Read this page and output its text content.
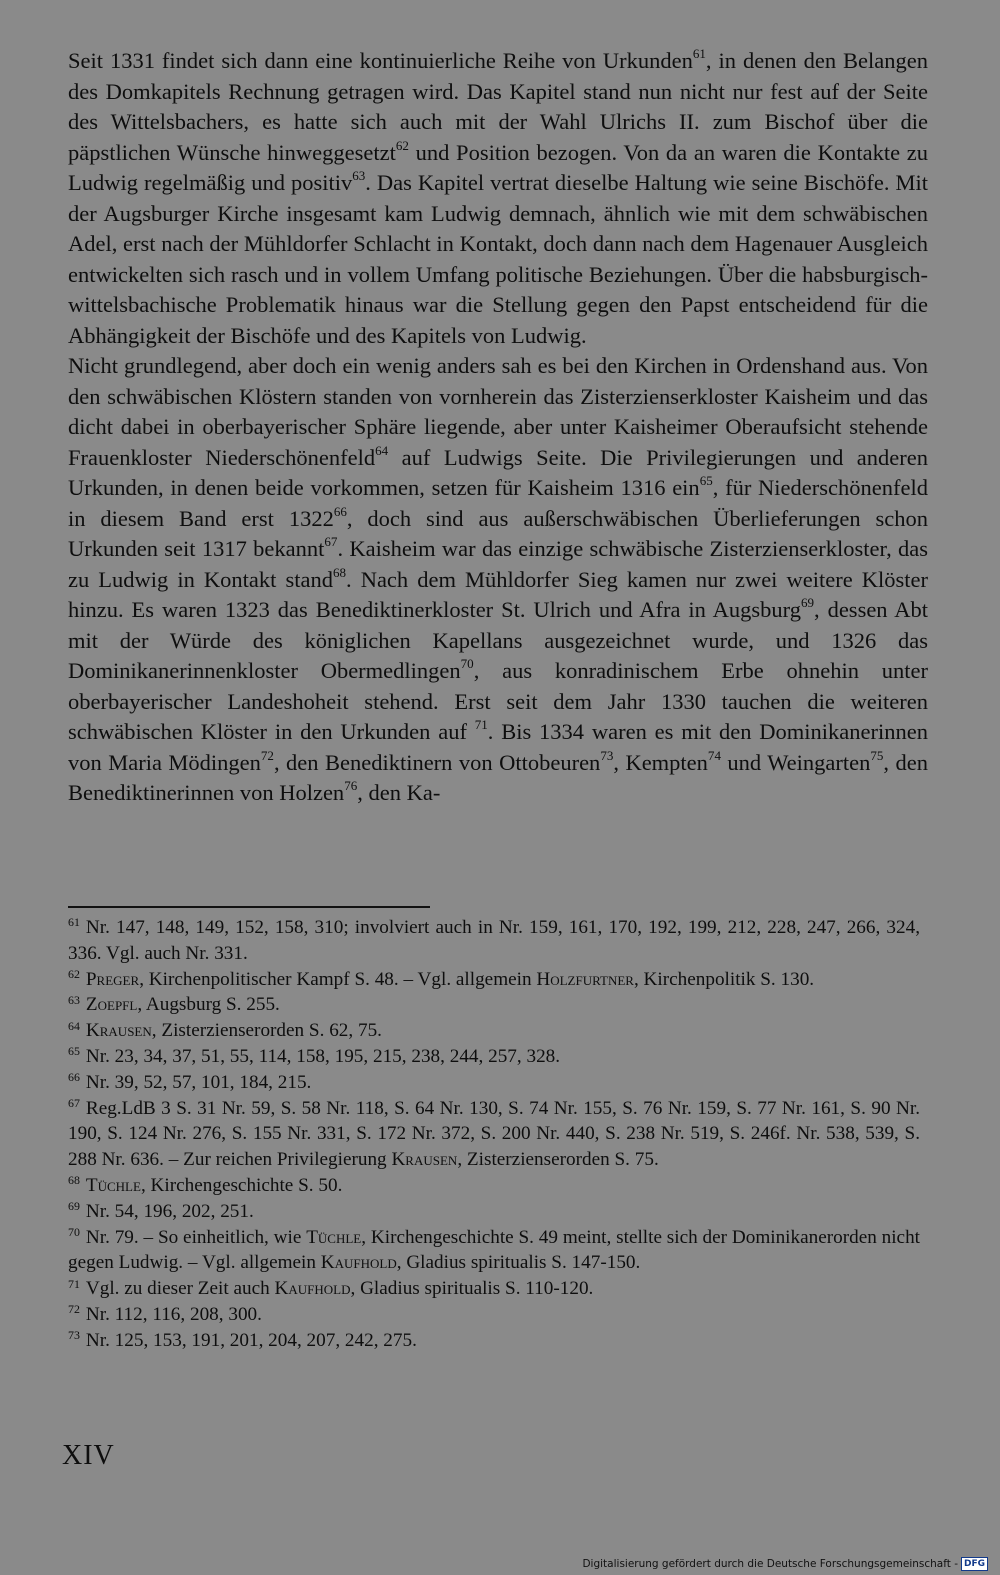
Seit 1331 findet sich dann eine kontinuierliche Reihe von Urkunden$^{61}$, in denen den Belangen des Domkapitels Rechnung getragen wird. Das Kapitel stand nun nicht nur fest auf der Seite des Wittelsbachers, es hatte sich auch mit der Wahl Ulrichs II. zum Bischof über die päpstlichen Wünsche hinweggesetzt$^{62}$ und Position bezogen. Von da an waren die Kontakte zu Ludwig regelmäßig und positiv$^{63}$. Das Kapitel vertrat dieselbe Haltung wie seine Bischöfe. Mit der Augsburger Kirche insgesamt kam Ludwig demnach, ähnlich wie mit dem schwäbischen Adel, erst nach der Mühldorfer Schlacht in Kontakt, doch dann nach dem Hagenauer Ausgleich entwickelten sich rasch und in vollem Umfang politische Beziehungen. Über die habsburgisch-wittelsbachische Problematik hinaus war die Stellung gegen den Papst entscheidend für die Abhängigkeit der Bischöfe und des Kapitels von Ludwig.

Nicht grundlegend, aber doch ein wenig anders sah es bei den Kirchen in Ordenshand aus. Von den schwäbischen Klöstern standen von vornherein das Zisterzienserkloster Kaisheim und das dicht dabei in oberbayerischer Sphäre liegende, aber unter Kaisheimer Oberaufsicht stehende Frauenkloster Niederschönenfeld$^{64}$ auf Ludwigs Seite. Die Privilegierungen und anderen Urkunden, in denen beide vorkommen, setzen für Kaisheim 1316 ein$^{65}$, für Niederschönenfeld in diesem Band erst 1322$^{66}$, doch sind aus außerschwäbischen Überlieferungen schon Urkunden seit 1317 bekannt$^{67}$. Kaisheim war das einzige schwäbische Zisterzienserkloster, das zu Ludwig in Kontakt stand$^{68}$. Nach dem Mühldorfer Sieg kamen nur zwei weitere Klöster hinzu. Es waren 1323 das Benediktinerkloster St. Ulrich und Afra in Augsburg$^{69}$, dessen Abt mit der Würde des königlichen Kapellans ausgezeichnet wurde, und 1326 das Dominikanerinnenkloster Obermedlingen$^{70}$, aus konradinischem Erbe ohnehin unter oberbayerischer Landeshoheit stehend. Erst seit dem Jahr 1330 tauchen die weiteren schwäbischen Klöster in den Urkunden auf $^{71}$. Bis 1334 waren es mit den Dominikanerinnen von Maria Mödingen$^{72}$, den Benediktinern von Ottobeuren$^{73}$, Kempten$^{74}$ und Weingarten$^{75}$, den Benediktinerinnen von Holzen$^{76}$, den Ka-

$^{61}$ Nr. 147, 148, 149, 152, 158, 310; involviert auch in Nr. 159, 161, 170, 192, 199, 212, 228, 247, 266, 324, 336. Vgl. auch Nr. 331.

$^{62}$ Preger, Kirchenpolitischer Kampf S. 48. – Vgl. allgemein Holzfurtner, Kirchenpolitik S. 130.

$^{63}$ Zoepfl, Augsburg S. 255.

$^{64}$ Krausen, Zisterzienserorden S. 62, 75.

$^{65}$ Nr. 23, 34, 37, 51, 55, 114, 158, 195, 215, 238, 244, 257, 328.

$^{66}$ Nr. 39, 52, 57, 101, 184, 215.

$^{67}$ Reg.LdB 3 S. 31 Nr. 59, S. 58 Nr. 118, S. 64 Nr. 130, S. 74 Nr. 155, S. 76 Nr. 159, S. 77 Nr. 161, S. 90 Nr. 190, S. 124 Nr. 276, S. 155 Nr. 331, S. 172 Nr. 372, S. 200 Nr. 440, S. 238 Nr. 519, S. 246f. Nr. 538, 539, S. 288 Nr. 636. – Zur reichen Privilegierung Krausen, Zisterzienserorden S. 75.

$^{68}$ Tüchle, Kirchengeschichte S. 50.

$^{69}$ Nr. 54, 196, 202, 251.

$^{70}$ Nr. 79. – So einheitlich, wie Tüchle, Kirchengeschichte S. 49 meint, stellte sich der Dominikanerorden nicht gegen Ludwig. – Vgl. allgemein Kaufhold, Gladius spiritualis S. 147-150.

$^{71}$ Vgl. zu dieser Zeit auch Kaufhold, Gladius spiritualis S. 110-120.

$^{72}$ Nr. 112, 116, 208, 300.

$^{73}$ Nr. 125, 153, 191, 201, 204, 207, 242, 275.

XIV
Digitalisierung gefördert durch die Deutsche Forschungsgemeinschaft - DFG
